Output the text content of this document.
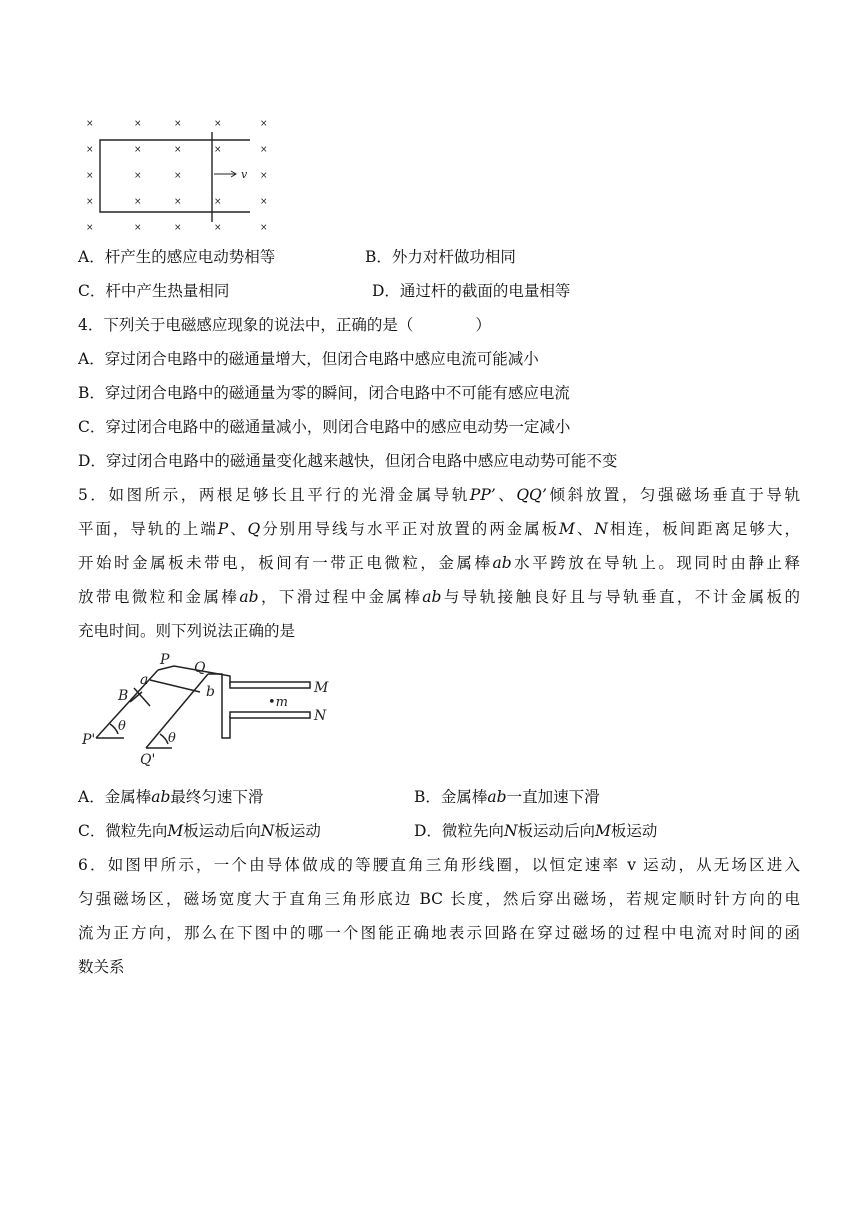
×	×	×	×	×
×	×	×	×	×
×	×	×	×
×	×	×	×	×
×	×	×	×	×
v
A．杆产生的感应电动势相等	B．外力对杆做功相同
C．杆中产生热量相同	D．通过杆的截面的电量相等
4．下列关于电磁感应现象的说法中，正确的是（　　　　）
A．穿过闭合电路中的磁通量增大，但闭合电路中感应电流可能减小
B．穿过闭合电路中的磁通量为零的瞬间，闭合电路中不可能有感应电流
C．穿过闭合电路中的磁通量减小，则闭合电路中的感应电动势一定减小
D．穿过闭合电路中的磁通量变化越来越快，但闭合电路中感应电动势可能不变
5．如图所示，两根足够长且平行的光滑金属导轨PP’、QQ’倾斜放置，匀强磁场垂直于导轨
平面，导轨的上端P、Q分别用导线与水平正对放置的两金属板M、N相连，板间距离足够大，
开始时金属板未带电，板间有一带正电微粒，金属棒ab水平跨放在导轨上。现同时由静止释
放带电微粒和金属棒ab，下滑过程中金属棒ab与导轨接触良好且与导轨垂直，不计金属板的
充电时间。则下列说法正确的是
P
a
Q
b
B	M
N
θ
θ
P'
Q'
•m
A．金属棒ab最终匀速下滑	B．金属棒ab一直加速下滑
C．微粒先向M板运动后向N板运动	D．微粒先向N板运动后向M板运动
6．如图甲所示，一个由导体做成的等腰直角三角形线圈，以恒定速率 v 运动，从无场区进入
匀强磁场区，磁场宽度大于直角三角形底边 BC 长度，然后穿出磁场，若规定顺时针方向的电
流为正方向，那么在下图中的哪一个图能正确地表示回路在穿过磁场的过程中电流对时间的函
数关系
